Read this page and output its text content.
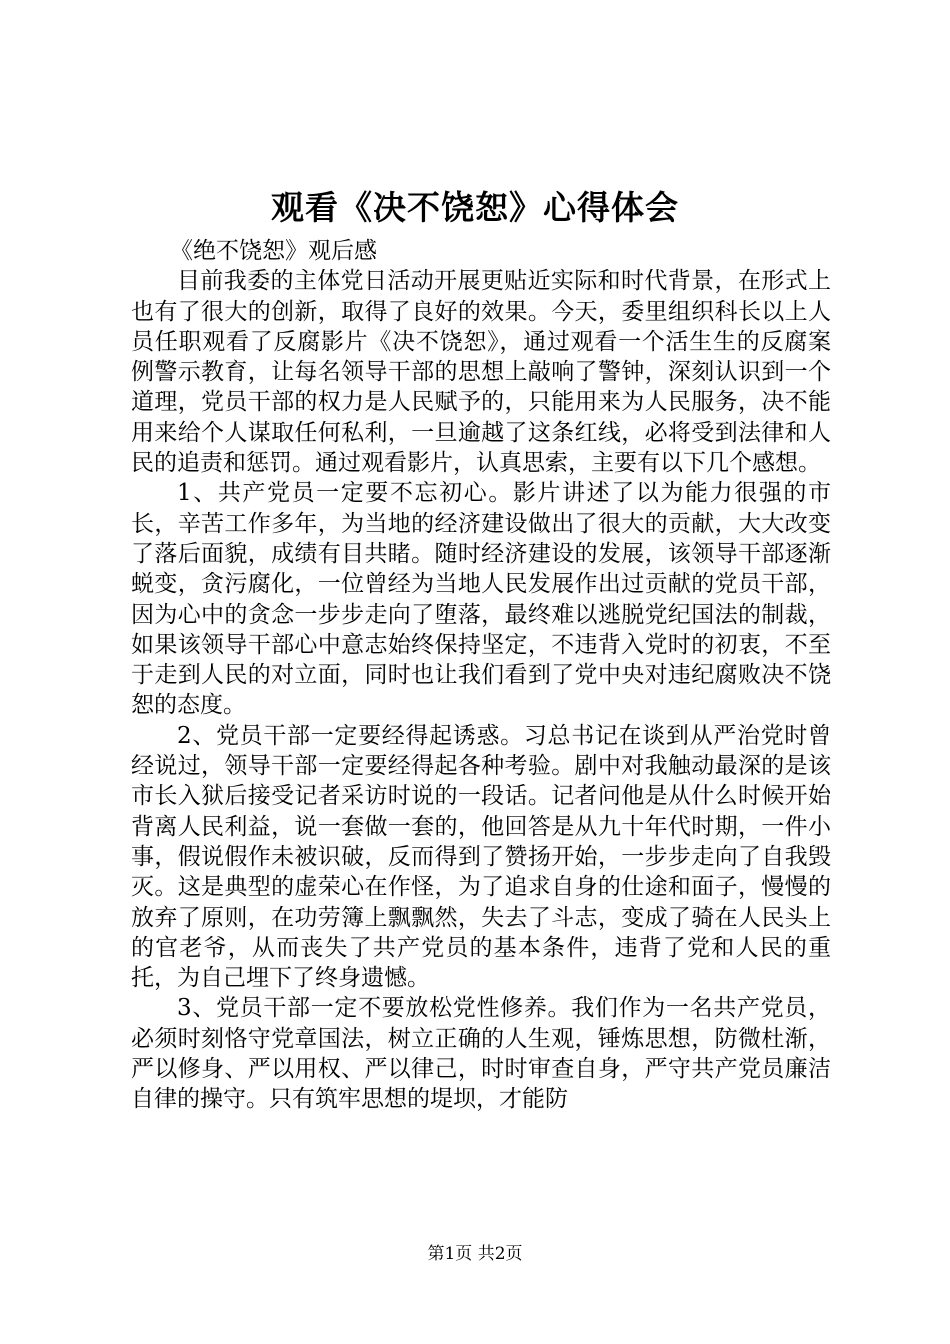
观看《决不饶恕》心得体会

《绝不饶恕》观后感

目前我委的主体党日活动开展更贴近实际和时代背景，在形式上也有了很大的创新，取得了良好的效果。今天，委里组织科长以上人员任职观看了反腐影片《决不饶恕》，通过观看一个活生生的反腐案例警示教育，让每名领导干部的思想上敲响了警钟，深刻认识到一个道理，党员干部的权力是人民赋予的，只能用来为人民服务，决不能用来给个人谋取任何私利，一旦逾越了这条红线，必将受到法律和人民的追责和惩罚。通过观看影片，认真思索，主要有以下几个感想。

1、共产党员一定要不忘初心。影片讲述了以为能力很强的市长，辛苦工作多年，为当地的经济建设做出了很大的贡献，大大改变了落后面貌，成绩有目共睹。随时经济建设的发展，该领导干部逐渐蜕变，贪污腐化，一位曾经为当地人民发展作出过贡献的党员干部，因为心中的贪念一步步走向了堕落，最终难以逃脱党纪国法的制裁，如果该领导干部心中意志始终保持坚定，不违背入党时的初衷，不至于走到人民的对立面，同时也让我们看到了党中央对违纪腐败决不饶恕的态度。

2、党员干部一定要经得起诱惑。习总书记在谈到从严治党时曾经说过，领导干部一定要经得起各种考验。剧中对我触动最深的是该市长入狱后接受记者采访时说的一段话。记者问他是从什么时候开始背离人民利益，说一套做一套的，他回答是从九十年代时期，一件小事，假说假作未被识破，反而得到了赞扬开始，一步步走向了自我毁灭。这是典型的虚荣心在作怪，为了追求自身的仕途和面子，慢慢的放弃了原则，在功劳簿上飘飘然，失去了斗志，变成了骑在人民头上的官老爷，从而丧失了共产党员的基本条件，违背了党和人民的重托，为自己埋下了终身遗憾。

3、党员干部一定不要放松党性修养。我们作为一名共产党员，必须时刻恪守党章国法，树立正确的人生观，锤炼思想，防微杜渐，严以修身、严以用权、严以律己，时时审查自身，严守共产党员廉洁自律的操守。只有筑牢思想的堤坝，才能防

第1页 共2页
